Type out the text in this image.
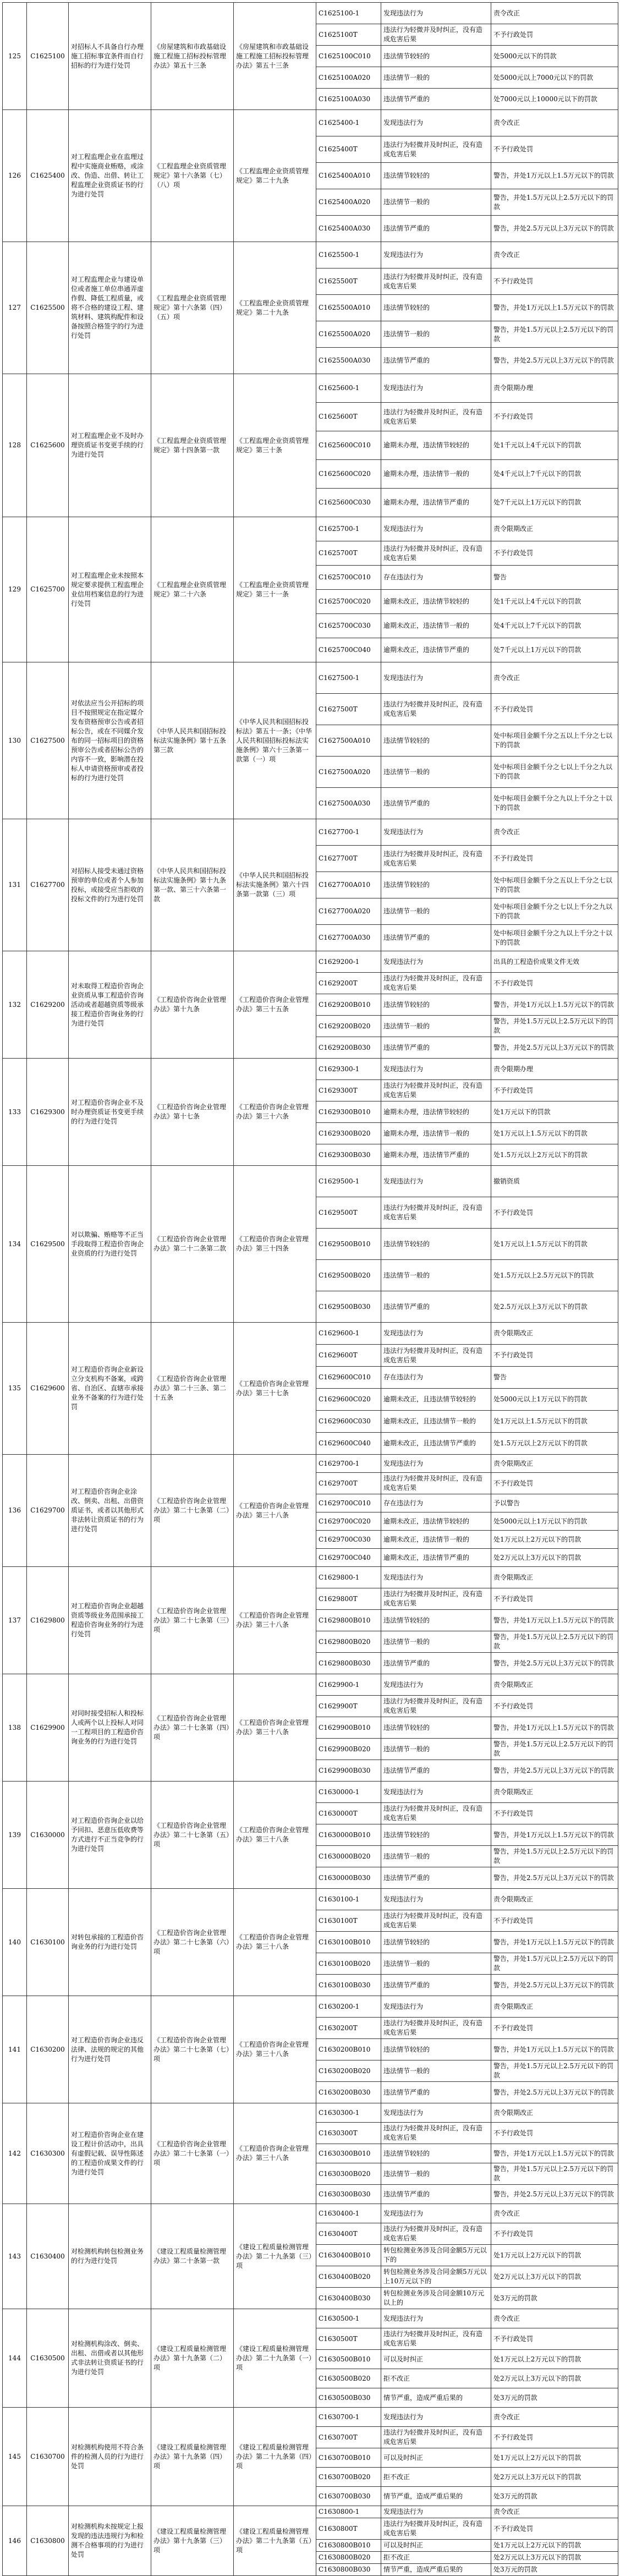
125	C1625100	对招标人不具备自行办理施工招标事宜条件而自行招标的行为进行处罚	《房屋建筑和市政基础设施工程施工招标投标管理办法》第五十三条	《房屋建筑和市政基础设施工程施工招标投标管理办法》第五十三条	C1625100-1	发现违法行为	责令改正
					C1625100T	违法行为轻微并及时纠正，没有造成危害后果	不予行政处罚
					C1625100C010	违法情节较轻的	处5000元以下的罚款
					C1625100A020	违法情节一般的	处5000元以上7000元以下的罚款
					C1625100A030	违法情节严重的	处7000元以上10000元以下的罚款
126	C1625400	对工程监理企业在监理过程中实施商业贿赂，或涂改、伪造、出借、转让工程监理企业资质证书的行为进行处罚	《工程监理企业资质管理规定》第十六条第（七）（八）项	《工程监理企业资质管理规定》第二十九条	C1625400-1	发现违法行为	责令改正
					C1625400T	违法行为轻微并及时纠正，没有造成危害后果	不予行政处罚
					C1625400A010	违法情节较轻的	警告，并处1万元以上1.5万元以下的罚款
					C1625400A020	违法情节一般的	警告，并处1.5万元以上2.5万元以下的罚款
					C1625400A030	违法情节严重的	警告，并处2.5万元以上3万元以下的罚款
127	C1625500	对工程监理企业与建设单位或者施工单位串通弄虚作假、降低工程质量，或将不合格的建设工程、建筑材料、建筑构配件和设备按照合格签字的行为进行处罚	《工程监理企业资质管理规定》第十六条第（四）（五）项	《工程监理企业资质管理规定》第二十九条	C1625500-1	发现违法行为	责令改正
					C1625500T	违法行为轻微并及时纠正，没有造成危害后果	不予行政处罚
					C1625500A010	违法情节较轻的	警告，并处1万元以上1.5万元以下的罚款
					C1625500A020	违法情节一般的	警告，并处1.5万元以上2.5万元以下的罚款
					C1625500A030	违法情节严重的	警告，并处2.5万元以上3万元以下的罚款
128	C1625600	对工程监理企业不及时办理资质证书变更手续的行为进行处罚	《工程监理企业资质管理规定》第十四条第一款	《工程监理企业资质管理规定》第三十条	C1625600-1	发现违法行为	责令限期办理
					C1625600T	违法行为轻微并及时纠正，没有造成危害后果	不予行政处罚
					C1625600C010	逾期未办理，违法情节较轻的	处1千元以上4千元以下的罚款
					C1625600C020	逾期未办理，违法情节一般的	处4千元以上7千元以下的罚款
					C1625600C030	逾期未办理，违法情节严重的	处7千元以上1万元以下的罚款
129	C1625700	对工程监理企业未按照本规定要求提供工程监理企业信用档案信息的行为进行处罚	《工程监理企业资质管理规定》第二十六条	《工程监理企业资质管理规定》第三十一条	C1625700-1	发现违法行为	责令限期改正
					C1625700T	违法行为轻微并及时纠正，没有造成危害后果	不予行政处罚
					C1625700C010	存在违法行为	警告
					C1625700C020	逾期未改正，违法情节较轻的	处1千元以上4千元以下的罚款
					C1625700C030	逾期未改正，违法情节一般的	处4千元以上7千元以下的罚款
					C1625700C040	逾期未改正，违法情节严重的	处7千元以上1万元以下的罚款
130	C1627500	对依法应当公开招标的项目不按照规定在指定媒介发布资格预审公告或者招标公告，或在不同媒介发布的同一招标项目的资格预审公告或者招标公告的内容不一致，影响潜在投标人申请资格预审或者投标的行为进行处罚	《中华人民共和国招标投标法实施条例》第十五条第三款	《中华人民共和国招标投标法》第五十一条；《中华人民共和国招标投标法实施条例》第六十三条第一款第（一）项	C1627500-1	发现违法行为	责令改正
					C1627500T	违法行为轻微并及时纠正，没有造成危害后果	不予行政处罚
					C1627500A010	违法情节较轻的	处中标项目金额千分之五以上千分之七以下的罚款
					C1627500A020	违法情节一般的	处中标项目金额千分之七以上千分之九以下的罚款
					C1627500A030	违法情节严重的	处中标项目金额千分之九以上千分之十以下的罚款
131	C1627700	对招标人接受未通过资格预审的单位或者个人参加投标，或接受应当拒收的投标文件的行为进行处罚	《中华人民共和国招标投标法实施条例》第十九条第一款、第三十六条第一款	《中华人民共和国招标投标法实施条例》第六十四条第一款第（三）项	C1627700-1	发现违法行为	责令改正
					C1627700T	违法行为轻微并及时纠正，没有造成危害后果	不予行政处罚
					C1627700A010	违法情节较轻的	处中标项目金额千分之五以上千分之七以下的罚款
					C1627700A020	违法情节一般的	处中标项目金额千分之七以上千分之九以下的罚款
					C1627700A030	违法情节严重的	处中标项目金额千分之九以上千分之十以下的罚款
132	C1629200	对未取得工程造价咨询企业资质从事工程造价咨询活动或者超越资质等级承接工程造价咨询业务的行为进行处罚	《工程造价咨询企业管理办法》第十九条	《工程造价咨询企业管理办法》第三十五条	C1629200-1	发现违法行为	出具的工程造价成果文件无效
					C1629200T	违法行为轻微并及时纠正，没有造成危害后果	不予行政处罚
					C1629200B010	违法情节较轻的	警告，并处1万元以上1.5万元以下的罚款
					C1629200B020	违法情节一般的	警告，并处1.5万元以上2.5万元以下的罚款
					C1629200B030	违法情节严重的	警告，并处2.5万元以上3万元以下的罚款
133	C1629300	对工程造价咨询企业不及时办理资质证书变更手续的行为进行处罚	《工程造价咨询企业管理办法》第十七条	《工程造价咨询企业管理办法》第三十六条	C1629300-1	发现违法行为	责令限期办理
					C1629300T	违法行为轻微并及时纠正，没有造成危害后果	不予行政处罚
					C1629300B010	逾期未办理，违法情节较轻的	处1万元以下的罚款
					C1629300B020	逾期未办理，违法情节一般的	处1万元以上1.5万元以下的罚款
					C1629300B030	逾期未办理，违法情节严重的	处1.5万元以上2万元以下的罚款
134	C1629500	对以欺骗、贿赂等不正当手段取得工程造价咨询企业资质的行为进行处罚	《工程造价咨询企业管理办法》第二十二条第二款	《工程造价咨询企业管理办法》第三十四条	C1629500-1	发现违法行为	撤销资质
					C1629500T	违法行为轻微并及时纠正，没有造成危害后果	不予行政处罚
					C1629500B010	违法情节较轻的	处1万元以上1.5万元以下的罚款
					C1629500B020	违法情节一般的	处1.5万元以上2.5万元以下的罚款
					C1629500B030	违法情节严重的	处2.5万元以上3万元以下的罚款
135	C1629600	对工程造价咨询企业新设立分支机构不备案，或跨省、自治区、直辖市承接业务不备案的行为进行处罚	《工程造价咨询企业管理办法》第二十三条、第二十五条	《工程造价咨询企业管理办法》第三十七条	C1629600-1	发现违法行为	责令限期改正
					C1629600T	违法行为轻微并及时纠正，没有造成危害后果	不予行政处罚
					C1629600C010	存在违法行为	警告
					C1629600C020	逾期未改正，且违法情节较轻的	处5000元以上1万元以下的罚款
					C1629600C030	逾期未改正，且违法情节一般的	处1万元以上1.5万元以下的罚款
					C1629600C040	逾期未改正，且违法情节严重的	处1.5万元以上2万元以下的罚款
136	C1629700	对工程造价咨询企业涂改、倒卖、出租、出借资质证书，或者以其他形式非法转让资质证书的行为进行处罚	《工程造价咨询企业管理办法》第二十七条第（二）项	《工程造价咨询企业管理办法》第三十八条	C1629700-1	发现违法行为	责令限期改正
					C1629700T	违法行为轻微并及时纠正，没有造成危害后果	不予行政处罚
					C1629700C010	存在违法行为	予以警告
					C1629700C020	逾期未改正，违法情节较轻的	处5000元以上1万元以下的罚款
					C1629700C030	逾期未改正，违法情节一般的	处1万元以上2万元以下的罚款
					C1629700C040	逾期未改正，违法情节严重的	处2万元以上3万元以下的罚款
137	C1629800	对工程造价咨询企业超越资质等级业务范围承接工程造价咨询业务的行为进行处罚	《工程造价咨询企业管理办法》第二十七条第（三）项	《工程造价咨询企业管理办法》第三十八条	C1629800-1	发现违法行为	责令限期改正
					C1629800T	违法行为轻微并及时纠正，没有造成危害后果	不予行政处罚
					C1629800B010	违法情节较轻的	警告，并处1万元以上1.5万元以下的罚款
					C1629800B020	违法情节一般的	警告，并处1.5万元以上2.5万元以下的罚款
					C1629800B030	违法情节严重的	警告，并处2.5万元以上3万元以下的罚款
138	C1629900	对同时接受招标人和投标人或两个以上投标人对同一工程项目的工程造价咨询业务的行为进行处罚	《工程造价咨询企业管理办法》第二十七条第（四）项	《工程造价咨询企业管理办法》第三十八条	C1629900-1	发现违法行为	责令限期改正
					C1629900T	违法行为轻微并及时纠正，没有造成危害后果	不予行政处罚
					C1629900B010	违法情节较轻的	警告，并处1万元以上1.5万元以下的罚款
					C1629900B020	违法情节一般的	警告，并处1.5万元以上2.5万元以下的罚款
					C1629900B030	违法情节严重的	警告，并处2.5万元以上3万元以下的罚款
139	C1630000	对工程造价咨询企业以给予回扣、恶意压低收费等方式进行不正当竞争的行为进行处罚	《工程造价咨询企业管理办法》第二十七条第（五）项	《工程造价咨询企业管理办法》第三十八条	C1630000-1	发现违法行为	责令限期改正
					C1630000T	违法行为轻微并及时纠正，没有造成危害后果	不予行政处罚
					C1630000B010	违法情节较轻的	警告，并处1万元以上1.5万元以下的罚款
					C1630000B020	违法情节一般的	警告，并处1.5万元以上2.5万元以下的罚款
					C1630000B030	违法情节严重的	警告，并处2.5万元以上3万元以下的罚款
140	C1630100	对转包承接的工程造价咨询业务的行为进行处罚	《工程造价咨询企业管理办法》第二十七条第（六）项	《工程造价咨询企业管理办法》第三十八条	C1630100-1	发现违法行为	责令限期改正
					C1630100T	违法行为轻微并及时纠正，没有造成危害后果	不予行政处罚
					C1630100B010	违法情节较轻的	警告，并处1万元以上1.5万元以下的罚款
					C1630100B020	违法情节一般的	警告，并处1.5万元以上2.5万元以下的罚款
					C1630100B030	违法情节严重的	警告，并处2.5万元以上3万元以下的罚款
141	C1630200	对工程造价咨询企业违反法律、法规的规定的其他行为进行处罚	《工程造价咨询企业管理办法》第二十七条第（七）项	《工程造价咨询企业管理办法》第三十八条	C1630200-1	发现违法行为	责令限期改正
					C1630200T	违法行为轻微并及时纠正，没有造成危害后果	不予行政处罚
					C1630200B010	违法情节较轻的	警告，并处1万元以上1.5万元以下的罚款
					C1630200B020	违法情节一般的	警告，并处1.5万元以上2.5万元以下的罚款
					C1630200B030	违法情节严重的	警告，并处2.5万元以上3万元以下的罚款
142	C1630300	对工程造价咨询企业在建设工程计价活动中，出具有虚假记载、误导性陈述的工程造价成果文件的行为进行处罚	《工程造价咨询企业管理办法》第二十七条第（一）项	《工程造价咨询企业管理办法》第三十八条	C1630300-1	发现违法行为	责令限期改正
					C1630300T	违法行为轻微并及时纠正，没有造成危害后果	不予行政处罚
					C1630300B010	违法情节较轻的	警告，并处1万元以上1.5万元以下的罚款
					C1630300B020	违法情节一般的	警告，并处1.5万元以上2.5万元以下的罚款
					C1630300B030	违法情节严重的	警告，并处2.5万元以上3万元以下的罚款
143	C1630400	对检测机构转包检测业务的行为进行处罚	《建设工程质量检测管理办法》第二十条第一款	《建设工程质量检测管理办法》第二十九条第（三）项	C1630400-1	发现违法行为	责令改正
					C1630400T	违法行为轻微并及时纠正，没有造成危害后果	不予行政处罚
					C1630400B010	转包检测业务涉及合同金额5万元以下的	处1万元以上2万元以下的罚款
					C1630400B020	转包检测业务涉及合同金额5万元以上10万元以下的	处2万元以上3万元以下的罚款
					C1630400B030	转包检测业务涉及合同金额10万元以上的	处3万元的罚款
144	C1630500	对检测机构涂改、倒卖、出租、出借或者以其他形式非法转让资质证书的行为进行处罚	《建设工程质量检测管理办法》第十九条第（二）项	《建设工程质量检测管理办法》第二十九条第（一）项	C1630500-1	发现违法行为	责令改正
					C1630500T	违法行为轻微并及时纠正，没有造成危害后果	不予行政处罚
					C1630500B010	可以及时纠正	处1万元以上2万元以下的罚款
					C1630500B020	拒不改正	处2万元以上3万元以下的罚款
					C1630500B030	情节严重，造成严重后果的	处3万元的罚款
145	C1630700	对检测机构使用不符合条件的检测人员的行为进行处罚	《建设工程质量检测管理办法》第十九条第（四）项	《建设工程质量检测管理办法》第二十九条第（四）项	C1630700-1	发现违法行为	责令改正
					C1630700T	违法行为轻微并及时纠正，没有造成危害后果	不予行政处罚
					C1630700B010	可以及时纠正	处1万元以上2万元以下的罚款
					C1630700B020	拒不改正	处2万元以上3万元以下的罚款
					C1630700B030	情节严重，造成严重后果的	处3万元的罚款
146	C1630800	对检测机构未按规定上报发现的违法违规行为和检测不合格事项的行为进行处罚	《建设工程质量检测管理办法》第十九条第（三）项	《建设工程质量检测管理办法》第二十九条第（五）项	C1630800-1	发现违法行为	责令改正
					C1630800T	违法行为轻微并及时纠正，没有造成危害后果	不予行政处罚
					C1630800B010	可以及时纠正	处1万元以上2万元以下的罚款
					C1630800B020	拒不改正	处2万元以上3万元以下的罚款
					C1630800B030	情节严重，造成严重后果的	处3万元的罚款
